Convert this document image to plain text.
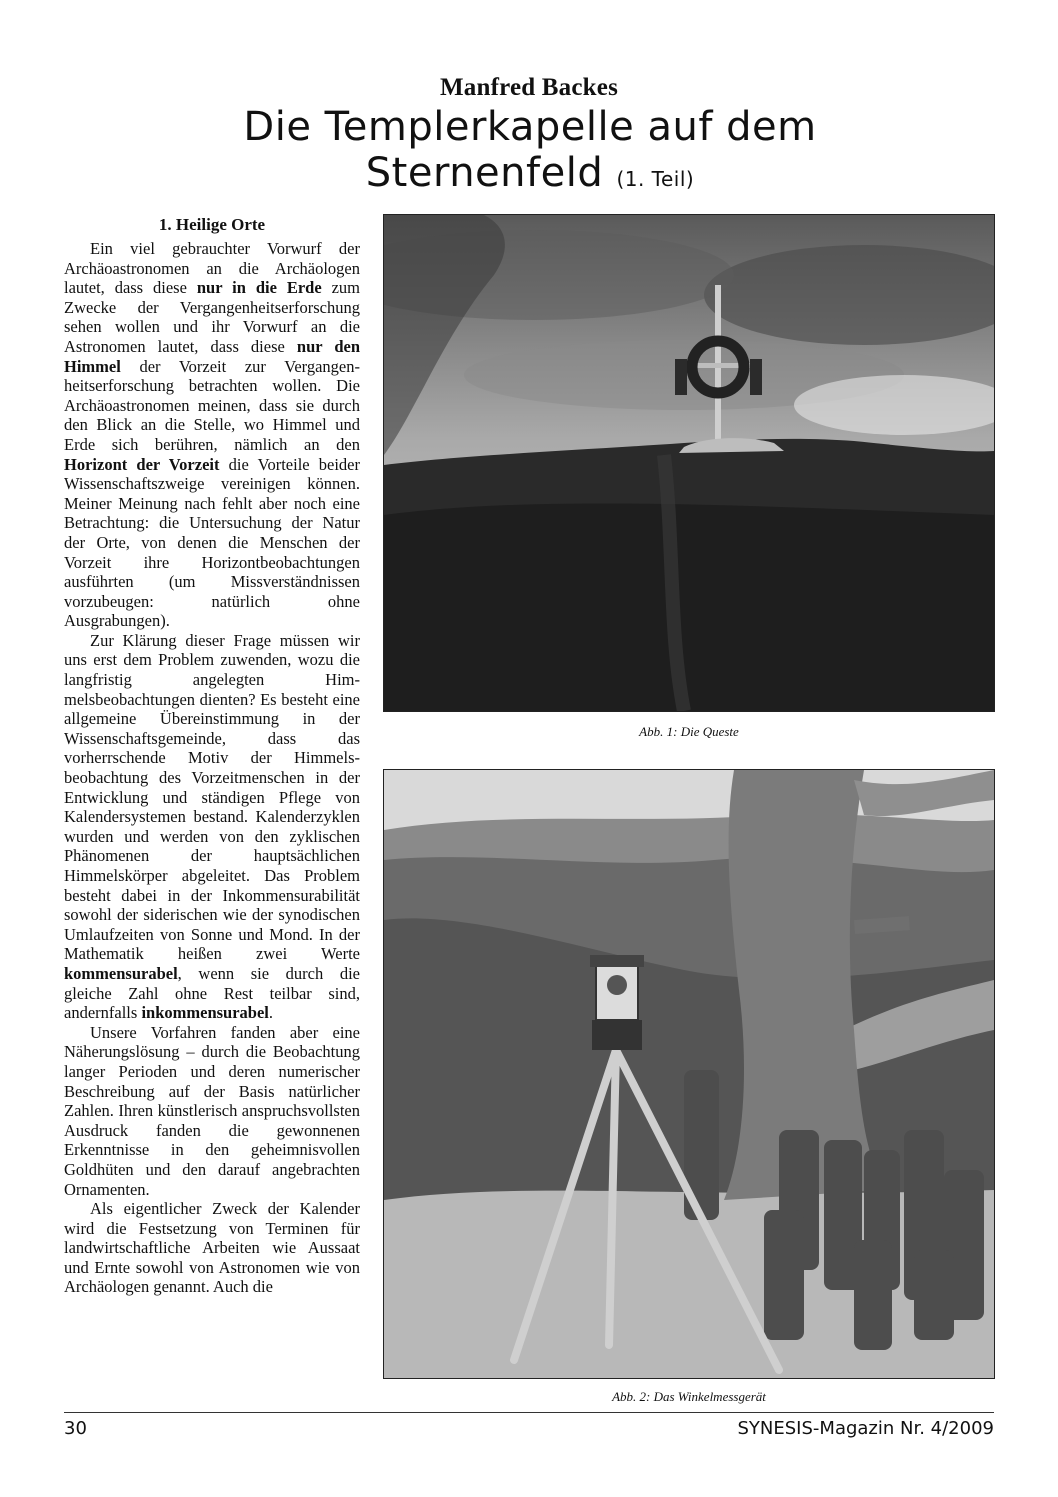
Manfred Backes
Die Templerkapelle auf dem Sternenfeld (1. Teil)
1. Heilige Orte

Ein viel gebrauchter Vorwurf der Archäoastronomen an die Archäologen lautet, dass diese nur in die Erde zum Zwecke der Vergangenheitserforschung sehen wollen und ihr Vorwurf an die Astronomen lautet, dass diese nur den Himmel der Vorzeit zur Vergangenheitserforschung betrachten wollen. Die Archäoastronomen meinen, dass sie durch den Blick an die Stelle, wo Himmel und Erde sich berühren, nämlich an den Horizont der Vorzeit die Vorteile beider Wissenschaftszweige vereinigen können. Meiner Meinung nach fehlt aber noch eine Betrachtung: die Untersuchung der Natur der Orte, von denen die Menschen der Vorzeit ihre Horizontbeobachtungen ausführten (um Missverständnissen vorzubeugen: natürlich ohne Ausgrabungen).

Zur Klärung dieser Frage müssen wir uns erst dem Problem zuwenden, wozu die langfristig angelegten Himmelsbeobachtungen dienten? Es besteht eine allgemeine Übereinstimmung in der Wissenschaftsgemeinde, dass das vorherrschende Motiv der Himmelsbeobachtung des Vorzeitmenschen in der Entwicklung und ständigen Pflege von Kalendersystemen bestand. Kalenderzyklen wurden und werden von den zyklischen Phänomenen der hauptsächlichen Himmelskörper abgeleitet. Das Problem besteht dabei in der Inkommensurabilität sowohl der siderischen wie der synodischen Umlaufzeiten von Sonne und Mond. In der Mathematik heißen zwei Werte kommensurabel, wenn sie durch die gleiche Zahl ohne Rest teilbar sind, andernfalls inkommensurabel.

Unsere Vorfahren fanden aber eine Näherungslösung – durch die Beobachtung langer Perioden und deren numerischer Beschreibung auf der Basis natürlicher Zahlen. Ihren künstlerisch anspruchsvollsten Ausdruck fanden die gewonnenen Erkenntnisse in den geheimnisvollen Goldhüten und den darauf angebrachten Ornamenten.

Als eigentlicher Zweck der Kalender wird die Festsetzung von Terminen für landwirtschaftliche Arbeiten wie Aussaat und Ernte sowohl von Astronomen wie von Archäologen genannt. Auch die

Abb. 1: Die Queste
Abb. 2: Das Winkelmessgerät
30	SYNESIS-Magazin Nr. 4/2009
